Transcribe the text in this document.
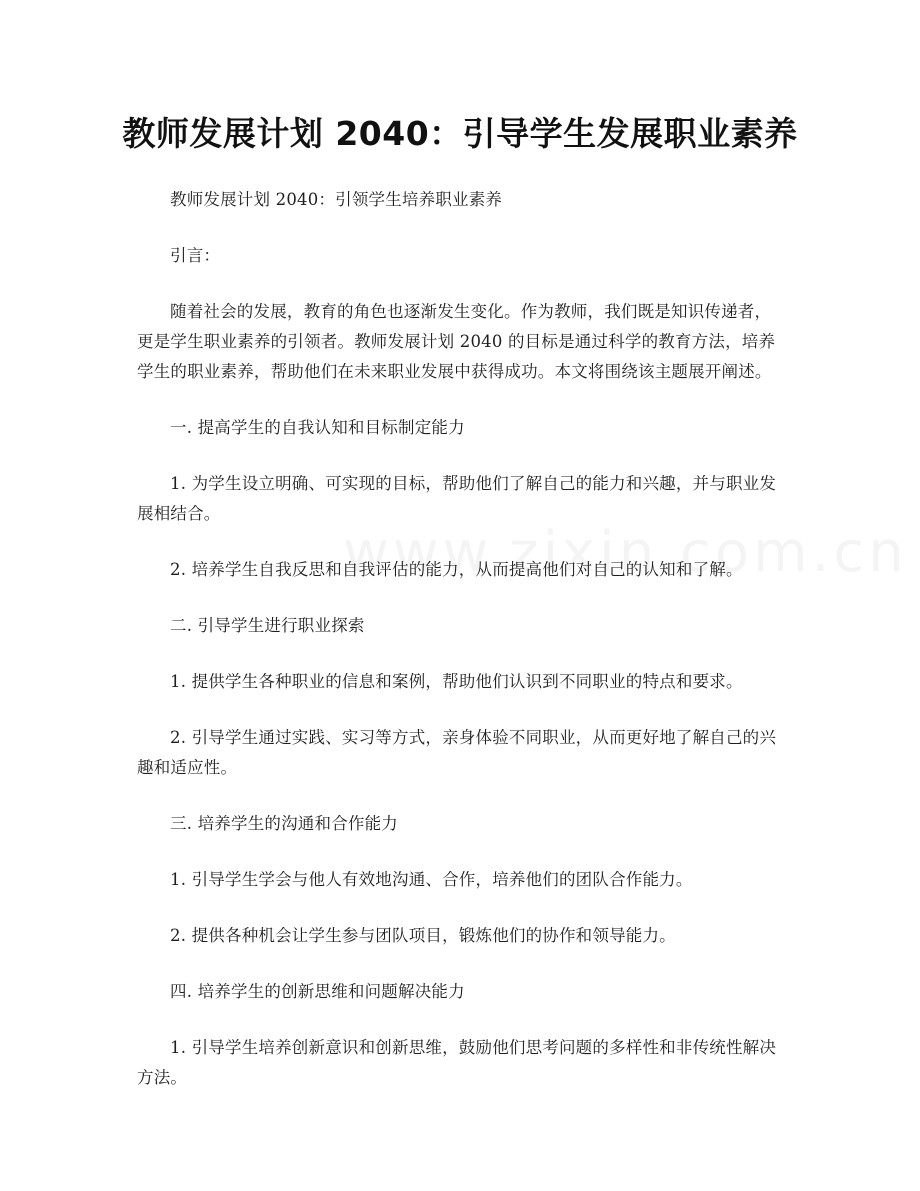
教师发展计划 2040：引导学生发展职业素养

教师发展计划 2040：引领学生培养职业素养

引言：

随着社会的发展，教育的角色也逐渐发生变化。作为教师，我们既是知识传递者，更是学生职业素养的引领者。教师发展计划 2040 的目标是通过科学的教育方法，培养学生的职业素养，帮助他们在未来职业发展中获得成功。本文将围绕该主题展开阐述。

一. 提高学生的自我认知和目标制定能力

1. 为学生设立明确、可实现的目标，帮助他们了解自己的能力和兴趣，并与职业发展相结合。

2. 培养学生自我反思和自我评估的能力，从而提高他们对自己的认知和了解。

二. 引导学生进行职业探索

1. 提供学生各种职业的信息和案例，帮助他们认识到不同职业的特点和要求。

2. 引导学生通过实践、实习等方式，亲身体验不同职业，从而更好地了解自己的兴趣和适应性。

三. 培养学生的沟通和合作能力

1. 引导学生学会与他人有效地沟通、合作，培养他们的团队合作能力。

2. 提供各种机会让学生参与团队项目，锻炼他们的协作和领导能力。

四. 培养学生的创新思维和问题解决能力

1. 引导学生培养创新意识和创新思维，鼓励他们思考问题的多样性和非传统性解决方法。
